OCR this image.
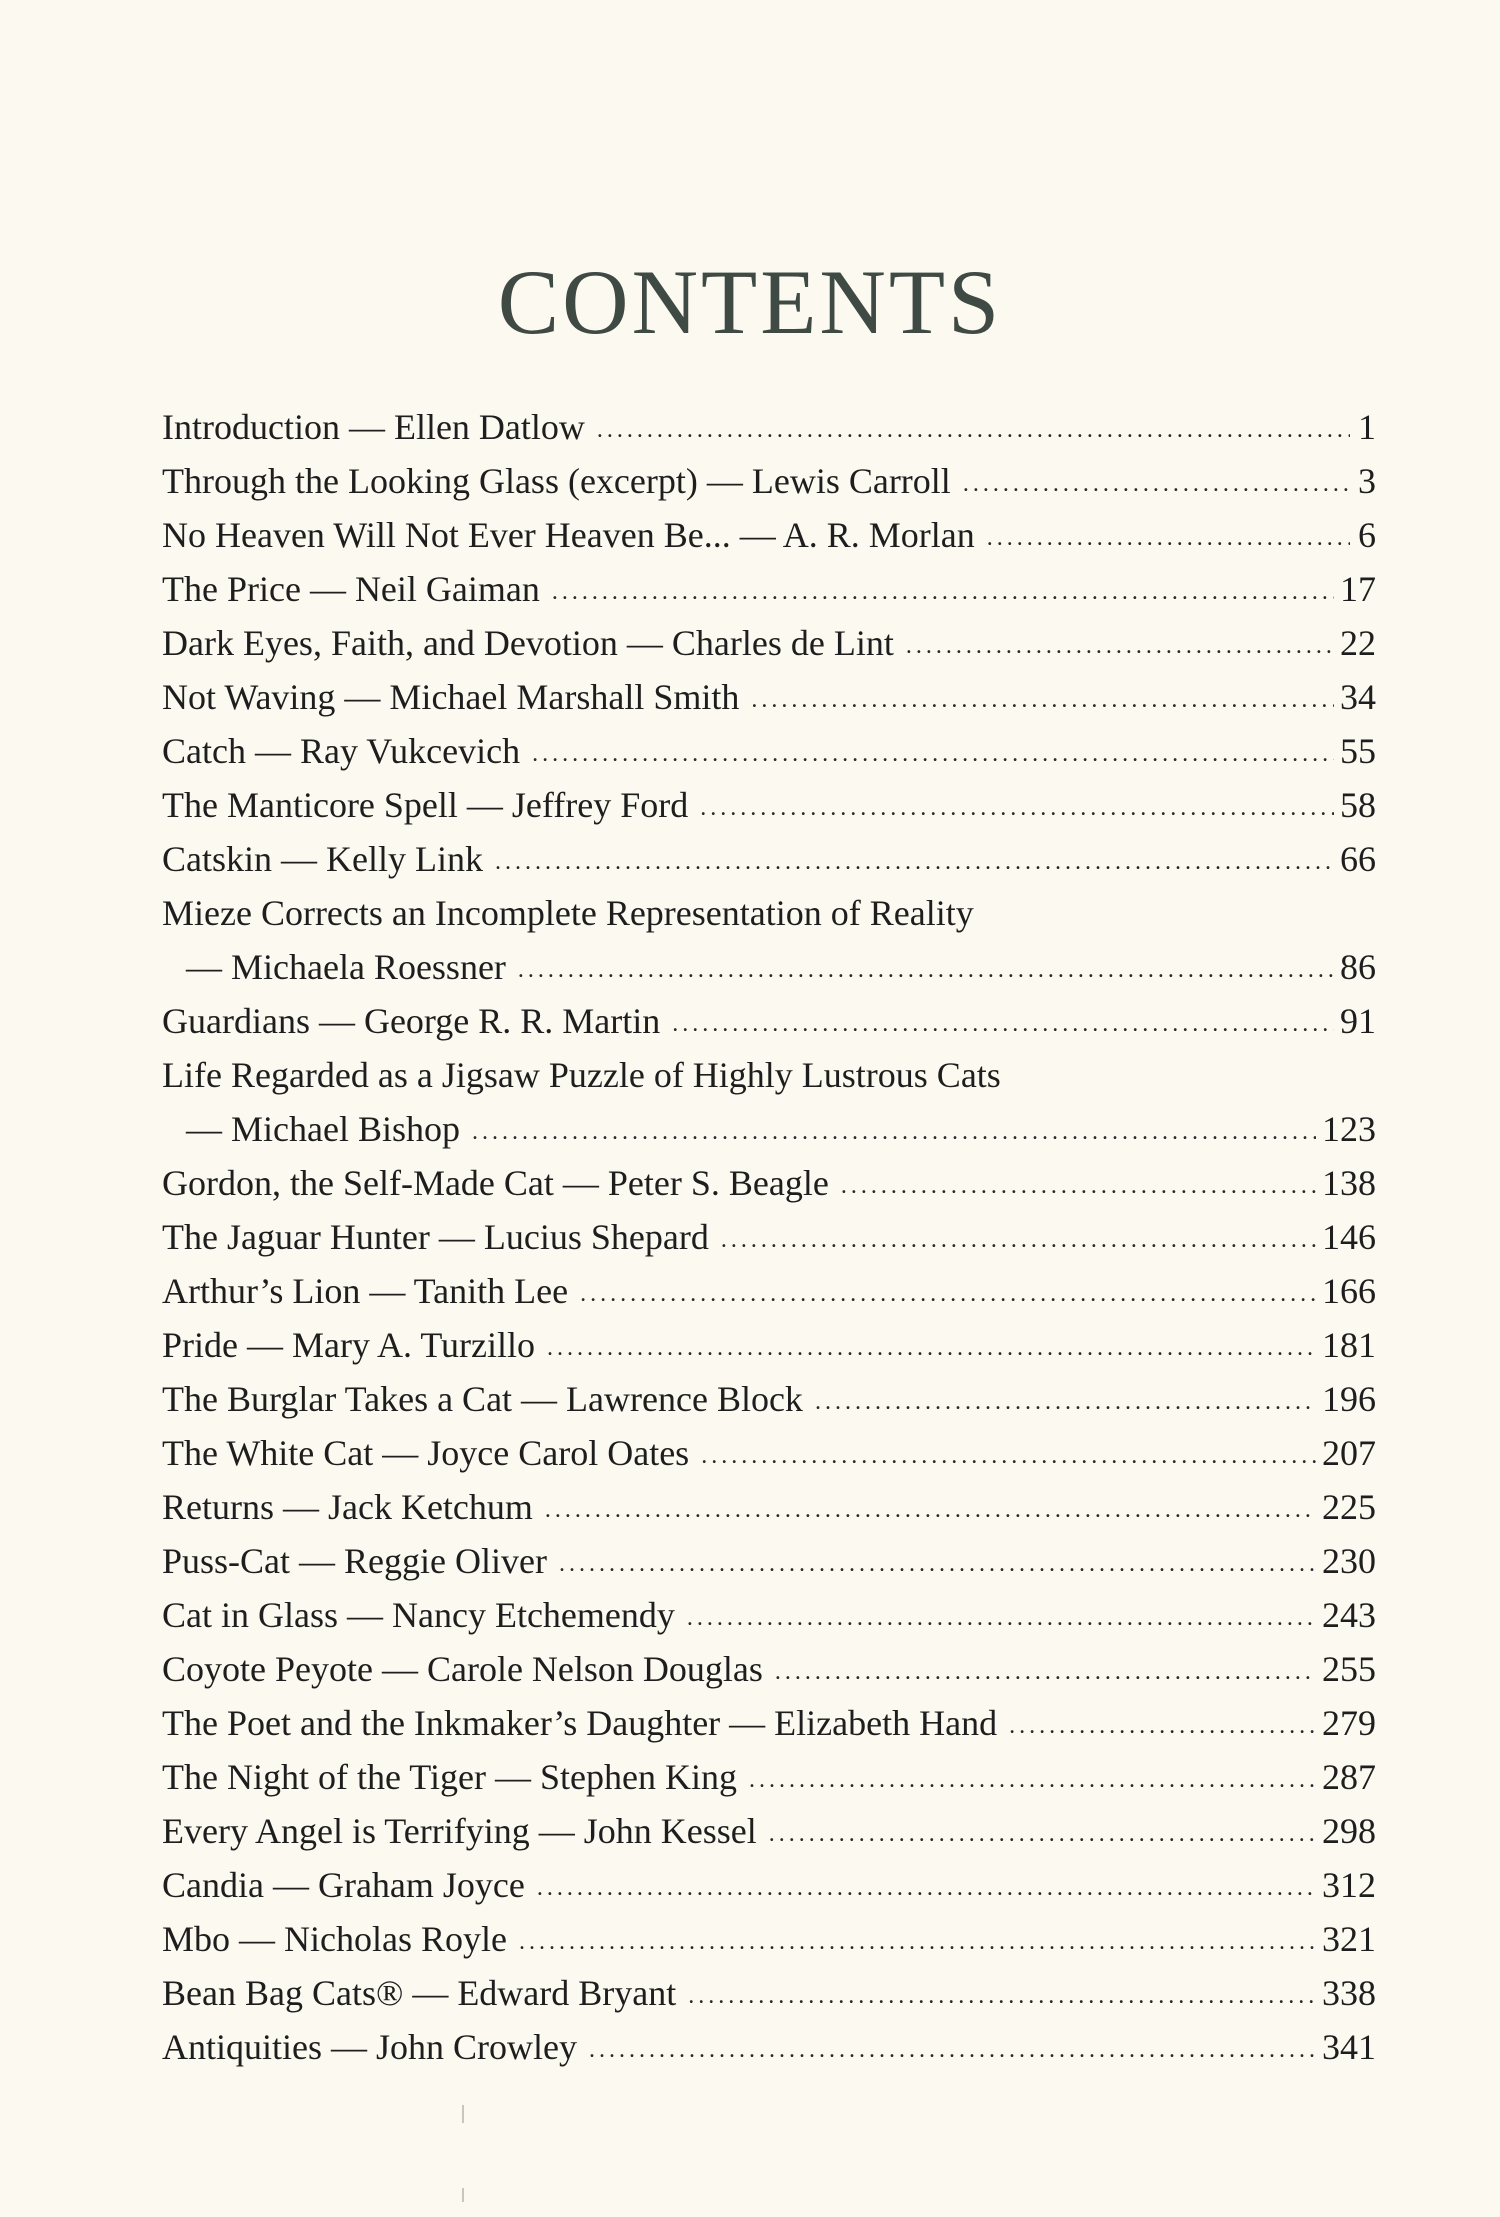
CONTENTS
Introduction — Ellen Datlow .....	1
Through the Looking Glass (excerpt) — Lewis Carroll .....	3
No Heaven Will Not Ever Heaven Be... — A. R. Morlan .....	6
The Price — Neil Gaiman .....	17
Dark Eyes, Faith, and Devotion — Charles de Lint .....	22
Not Waving — Michael Marshall Smith .....	34
Catch — Ray Vukcevich .....	55
The Manticore Spell — Jeffrey Ford .....	58
Catskin — Kelly Link .....	66
Mieze Corrects an Incomplete Representation of Reality
— Michaela Roessner .....	86
Guardians — George R. R. Martin .....	91
Life Regarded as a Jigsaw Puzzle of Highly Lustrous Cats
— Michael Bishop .....	123
Gordon, the Self-Made Cat — Peter S. Beagle .....	138
The Jaguar Hunter — Lucius Shepard .....	146
Arthur’s Lion — Tanith Lee .....	166
Pride — Mary A. Turzillo .....	181
The Burglar Takes a Cat — Lawrence Block .....	196
The White Cat — Joyce Carol Oates .....	207
Returns — Jack Ketchum .....	225
Puss-Cat — Reggie Oliver .....	230
Cat in Glass — Nancy Etchemendy .....	243
Coyote Peyote — Carole Nelson Douglas .....	255
The Poet and the Inkmaker’s Daughter — Elizabeth Hand .....	279
The Night of the Tiger — Stephen King .....	287
Every Angel is Terrifying — John Kessel .....	298
Candia — Graham Joyce .....	312
Mbo — Nicholas Royle .....	321
Bean Bag Cats® — Edward Bryant .....	338
Antiquities — John Crowley .....	341
